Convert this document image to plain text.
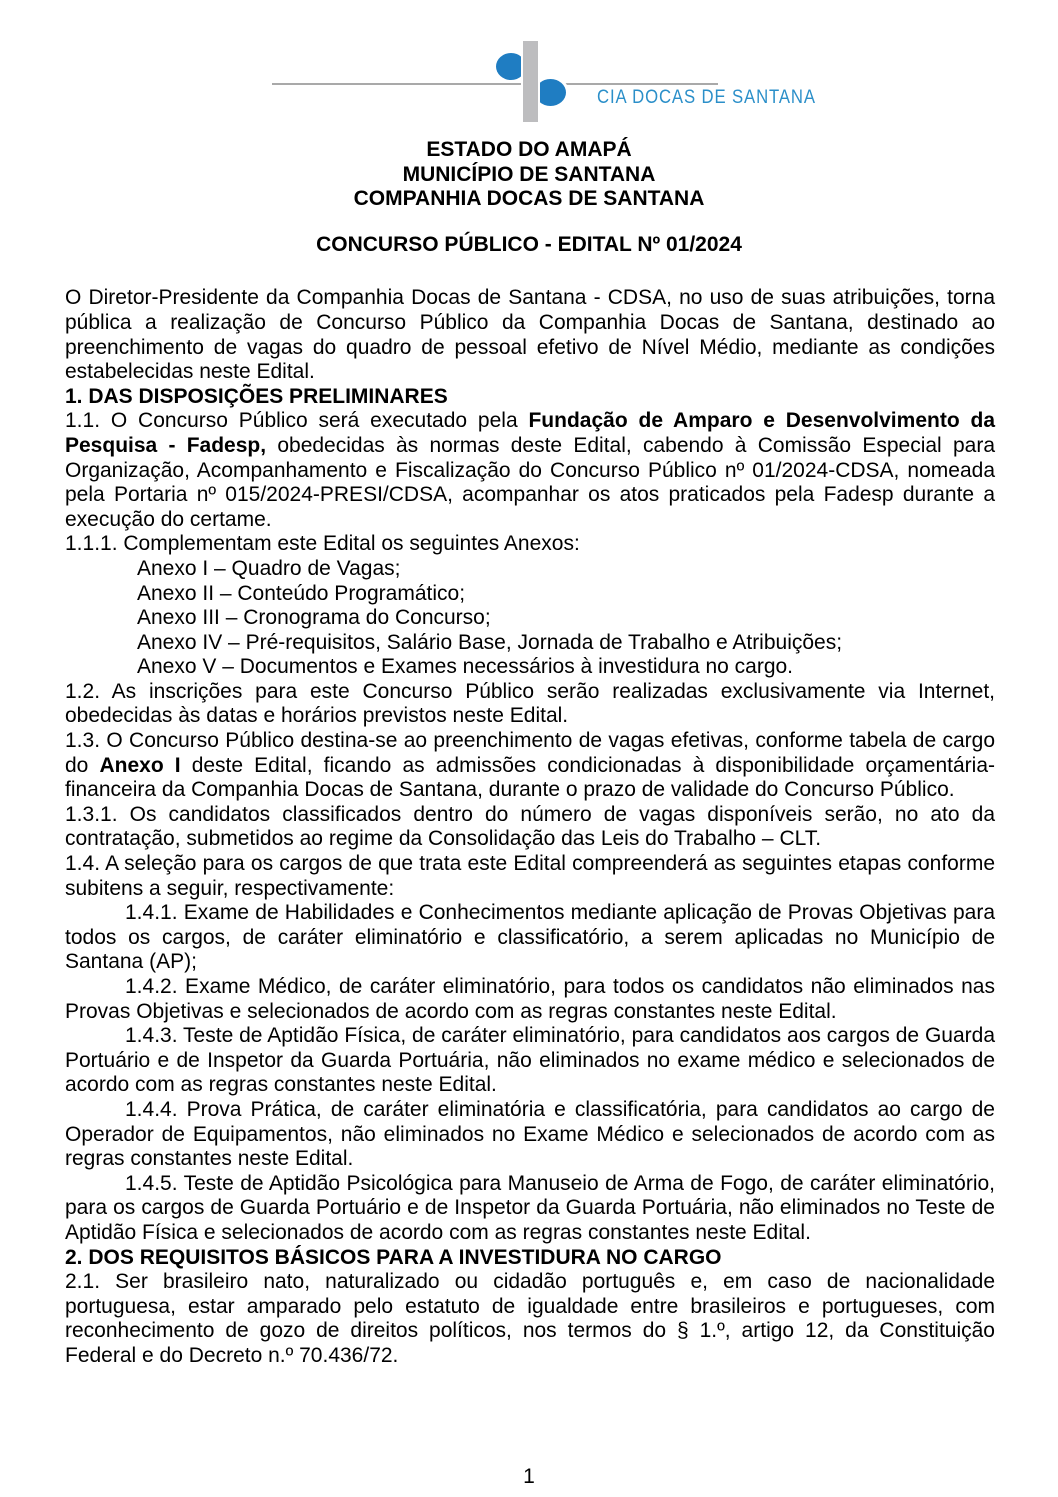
CIA DOCAS DE SANTANA
ESTADO DO AMAPÁ
MUNICÍPIO DE SANTANA
COMPANHIA DOCAS DE SANTANA
CONCURSO PÚBLICO - EDITAL Nº 01/2024

O Diretor-Presidente da Companhia Docas de Santana - CDSA, no uso de suas atribuições, torna pública a realização de Concurso Público da Companhia Docas de Santana, destinado ao preenchimento de vagas do quadro de pessoal efetivo de Nível Médio, mediante as condições estabelecidas neste Edital.

1. DAS DISPOSIÇÕES PRELIMINARES

1.1. O Concurso Público será executado pela Fundação de Amparo e Desenvolvimento da Pesquisa - Fadesp, obedecidas às normas deste Edital, cabendo à Comissão Especial para Organização, Acompanhamento e Fiscalização do Concurso Público nº 01/2024-CDSA, nomeada pela Portaria nº 015/2024-PRESI/CDSA, acompanhar os atos praticados pela Fadesp durante a execução do certame.

1.1.1. Complementam este Edital os seguintes Anexos:

Anexo I – Quadro de Vagas;
Anexo II – Conteúdo Programático;
Anexo III – Cronograma do Concurso;
Anexo IV – Pré-requisitos, Salário Base, Jornada de Trabalho e Atribuições;
Anexo V – Documentos e Exames necessários à investidura no cargo.

1.2. As inscrições para este Concurso Público serão realizadas exclusivamente via Internet, obedecidas às datas e horários previstos neste Edital.

1.3. O Concurso Público destina-se ao preenchimento de vagas efetivas, conforme tabela de cargo do Anexo I deste Edital, ficando as admissões condicionadas à disponibilidade orçamentária-financeira da Companhia Docas de Santana, durante o prazo de validade do Concurso Público.

1.3.1. Os candidatos classificados dentro do número de vagas disponíveis serão, no ato da contratação, submetidos ao regime da Consolidação das Leis do Trabalho – CLT.

1.4. A seleção para os cargos de que trata este Edital compreenderá as seguintes etapas conforme subitens a seguir, respectivamente:

1.4.1. Exame de Habilidades e Conhecimentos mediante aplicação de Provas Objetivas para todos os cargos, de caráter eliminatório e classificatório, a serem aplicadas no Município de Santana (AP);

1.4.2. Exame Médico, de caráter eliminatório, para todos os candidatos não eliminados nas Provas Objetivas e selecionados de acordo com as regras constantes neste Edital.

1.4.3. Teste de Aptidão Física, de caráter eliminatório, para candidatos aos cargos de Guarda Portuário e de Inspetor da Guarda Portuária, não eliminados no exame médico e selecionados de acordo com as regras constantes neste Edital.

1.4.4. Prova Prática, de caráter eliminatória e classificatória, para candidatos ao cargo de Operador de Equipamentos, não eliminados no Exame Médico e selecionados de acordo com as regras constantes neste Edital.

1.4.5. Teste de Aptidão Psicológica para Manuseio de Arma de Fogo, de caráter eliminatório, para os cargos de Guarda Portuário e de Inspetor da Guarda Portuária, não eliminados no Teste de Aptidão Física e selecionados de acordo com as regras constantes neste Edital.

2. DOS REQUISITOS BÁSICOS PARA A INVESTIDURA NO CARGO

2.1. Ser brasileiro nato, naturalizado ou cidadão português e, em caso de nacionalidade portuguesa, estar amparado pelo estatuto de igualdade entre brasileiros e portugueses, com reconhecimento de gozo de direitos políticos, nos termos do § 1.º, artigo 12, da Constituição Federal e do Decreto n.º 70.436/72.

1
